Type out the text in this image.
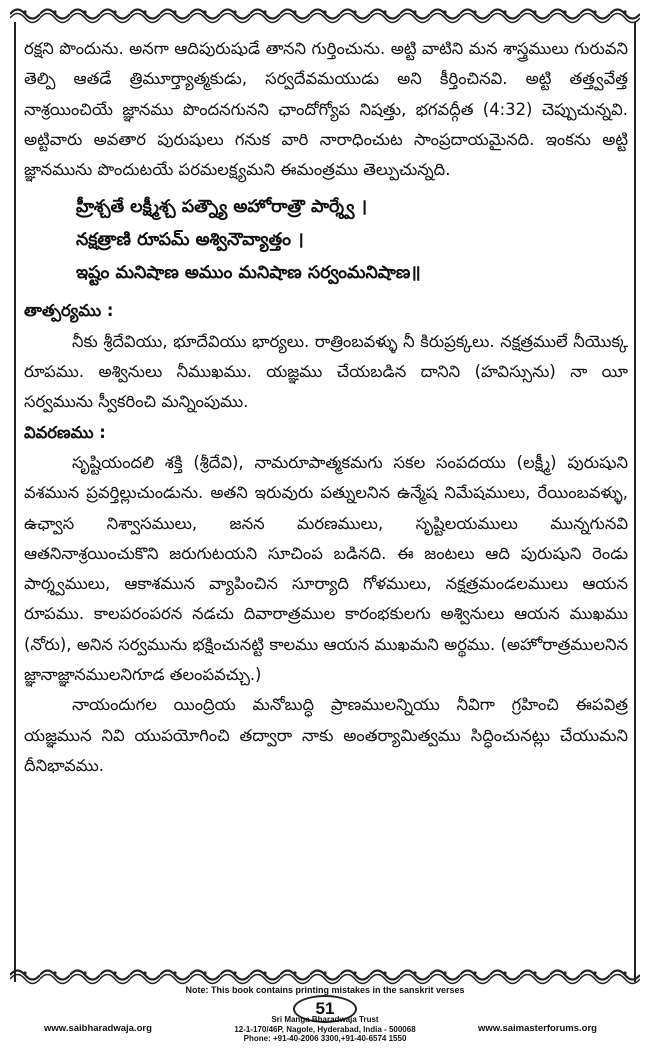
రక్షని పొందును. అనగా ఆదిపురుషుడే తానని గుర్తించును. అట్టి వాటిని మన శాస్త్రములు గురువని తెల్పి ఆతడే త్రిమూర్త్యాత్మకుడు, సర్వదేవమయుడు అని కీర్తించినవి. అట్టి తత్త్వవేత్త నాశ్రయించియే జ్ఞానము పొందనగునని ఛాందోగ్యోప నిషత్తు, భగవద్గీత (4:32) చెప్పుచున్నవి. అట్టివారు అవతార పురుషులు గనుక వారి నారాధించుట సాంప్రదాయమైనది. ఇంకను అట్టి జ్ఞానమును పొందుటయే పరమలక్ష్యమని ఈమంత్రము తెల్పుచున్నది.

హ్రీశ్చతే లక్ష్మీశ్చ పత్న్యౌ అహోరాత్రౌ పార్శ్వే ।
నక్షత్రాణి రూపమ్ అశ్వినౌవ్యాత్తం ।
ఇష్టం మనిషాణ అముం మనిషాణ సర్వంమనిషాణ॥

తాత్పర్యము :

నీకు శ్రీదేవియు, భూదేవియు భార్యలు. రాత్రింబవళ్ళు నీ కిరుప్రక్కలు. నక్షత్రములే నీయొక్క రూపము. అశ్వినులు నీముఖము. యజ్ఞము చేయబడిన దానిని (హవిస్సును) నా యీ సర్వమును స్వీకరించి మన్నింపుము.

వివరణము :

సృష్టియందలి శక్తి (శ్రీదేవి), నామరూపాత్మకమగు సకల సంపదయు (లక్ష్మీ) పురుషుని వశమున ప్రవర్తిల్లుచుండును. అతని ఇరువురు పత్నులనిన ఉన్మేష నిమేషములు, రేయింబవళ్ళు, ఉఛ్వాస నిశ్వాసములు, జనన మరణములు, సృష్టిలయములు మున్నగునవి ఆతనినాశ్రయించుకొని జరుగుటయని సూచింప బడినది. ఈ జంటలు ఆది పురుషుని రెండు పార్శ్వములు, ఆకాశమున వ్యాపించిన సూర్యాది గోళములు, నక్షత్రమండలములు ఆయన రూపము. కాలపరంపరన నడచు దివారాత్రముల కారంభకులగు అశ్వినులు ఆయన ముఖము (నోరు), అనిన సర్వమును భక్షించునట్టి కాలము ఆయన ముఖమని అర్థము. (అహోరాత్రములనిన జ్ఞానాజ్ఞానములనిగూడ తలంపవచ్చు.)

నాయందుగల యింద్రియ మనోబుద్ధి ప్రాణములన్నియు నీవిగా గ్రహించి ఈపవిత్ర యజ్ఞమున నివి యుపయోగించి తద్వారా నాకు అంతర్యామిత్వము సిద్ధించునట్లు చేయుమని దీనిభావము.

Note: This book contains printing mistakes in the sanskrit verses
51
www.saibharadwaja.org
Sri Manga Bharadwaja Trust
12-1-170/46P, Nagole, Hyderabad, India - 500068
Phone: +91-40-2006 3300,+91-40-6574 1550
www.saimasterforums.org
